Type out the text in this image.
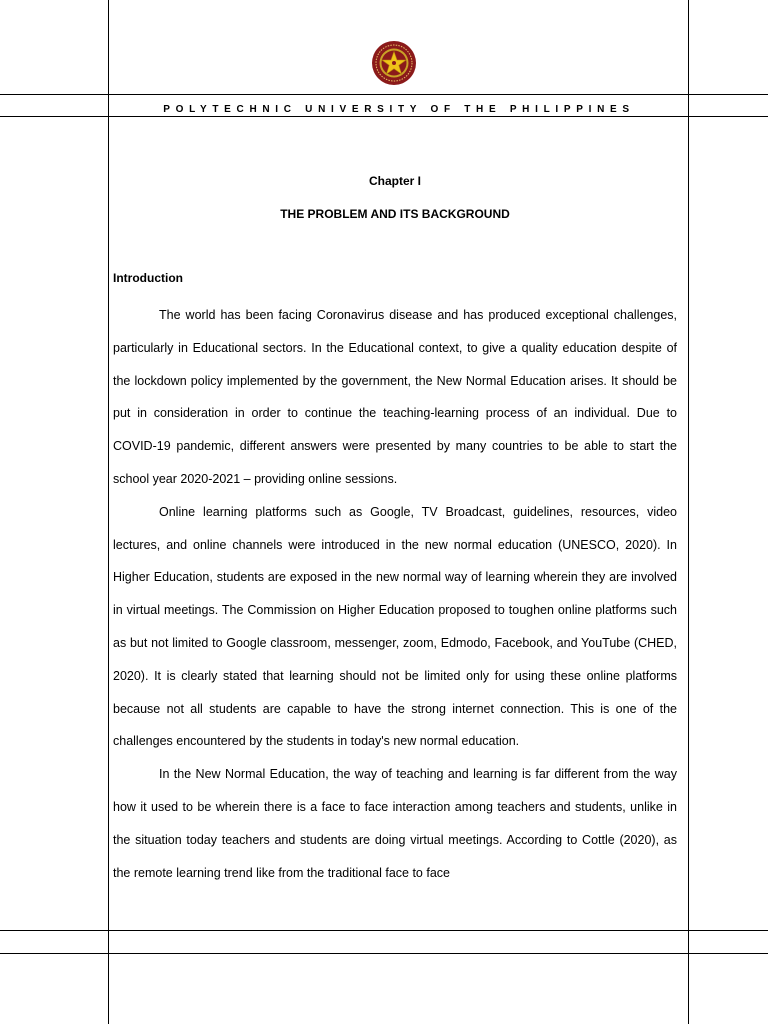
POLYTECHNIC UNIVERSITY OF THE PHILIPPINES
Chapter I
THE PROBLEM AND ITS BACKGROUND
Introduction

The world has been facing Coronavirus disease and has produced exceptional challenges, particularly in Educational sectors. In the Educational context, to give a quality education despite of the lockdown policy implemented by the government, the New Normal Education arises. It should be put in consideration in order to continue the teaching-learning process of an individual. Due to COVID-19 pandemic, different answers were presented by many countries to be able to start the school year 2020-2021 – providing online sessions.

Online learning platforms such as Google, TV Broadcast, guidelines, resources, video lectures, and online channels were introduced in the new normal education (UNESCO, 2020). In Higher Education, students are exposed in the new normal way of learning wherein they are involved in virtual meetings. The Commission on Higher Education proposed to toughen online platforms such as but not limited to Google classroom, messenger, zoom, Edmodo, Facebook, and YouTube (CHED, 2020). It is clearly stated that learning should not be limited only for using these online platforms because not all students are capable to have the strong internet connection. This is one of the challenges encountered by the students in today's new normal education.

In the New Normal Education, the way of teaching and learning is far different from the way how it used to be wherein there is a face to face interaction among teachers and students, unlike in the situation today teachers and students are doing virtual meetings. According to Cottle (2020), as the remote learning trend like from the traditional face to face
